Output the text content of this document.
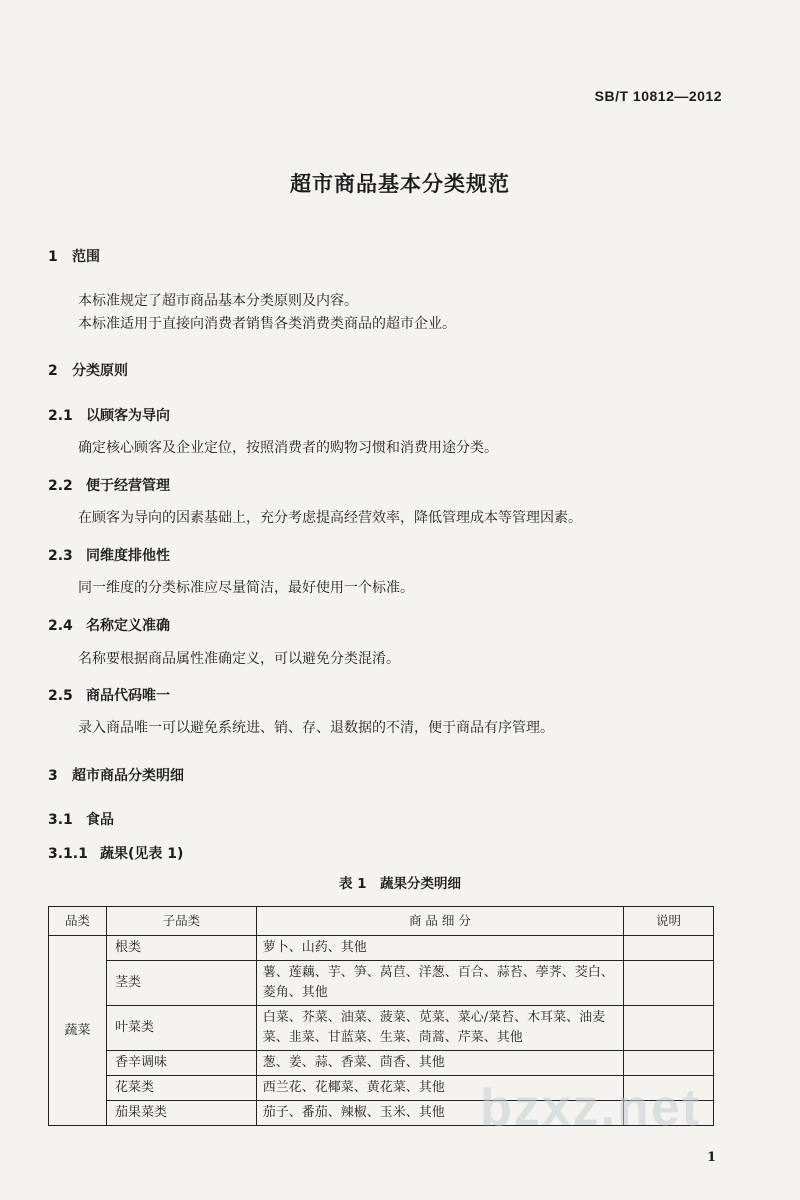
SB/T 10812—2012
超市商品基本分类规范
1 范围
本标准规定了超市商品基本分类原则及内容。
本标准适用于直接向消费者销售各类消费类商品的超市企业。
2 分类原则
2.1 以顾客为导向
确定核心顾客及企业定位，按照消费者的购物习惯和消费用途分类。
2.2 便于经营管理
在顾客为导向的因素基础上，充分考虑提高经营效率，降低管理成本等管理因素。
2.3 同维度排他性
同一维度的分类标准应尽量简洁，最好使用一个标准。
2.4 名称定义准确
名称要根据商品属性准确定义，可以避免分类混淆。
2.5 商品代码唯一
录入商品唯一可以避免系统进、销、存、退数据的不清，便于商品有序管理。
3 超市商品分类明细
3.1 食品
3.1.1 蔬果(见表 1)
表 1　蔬果分类明细
品类	子品类	商 品 细 分	说明
蔬菜	根类	萝卜、山药、其他	
	茎类	薯、莲藕、芋、笋、莴苣、洋葱、百合、蒜苔、荸荠、茭白、菱角、其他	
	叶菜类	白菜、芥菜、油菜、菠菜、苋菜、菜心/菜苔、木耳菜、油麦菜、韭菜、甘蓝菜、生菜、茼蒿、芹菜、其他	
	香辛调味	葱、姜、蒜、香菜、茴香、其他	
	花菜类	西兰花、花椰菜、黄花菜、其他	
	茄果菜类	茄子、番茄、辣椒、玉米、其他	bzxz.net
1
